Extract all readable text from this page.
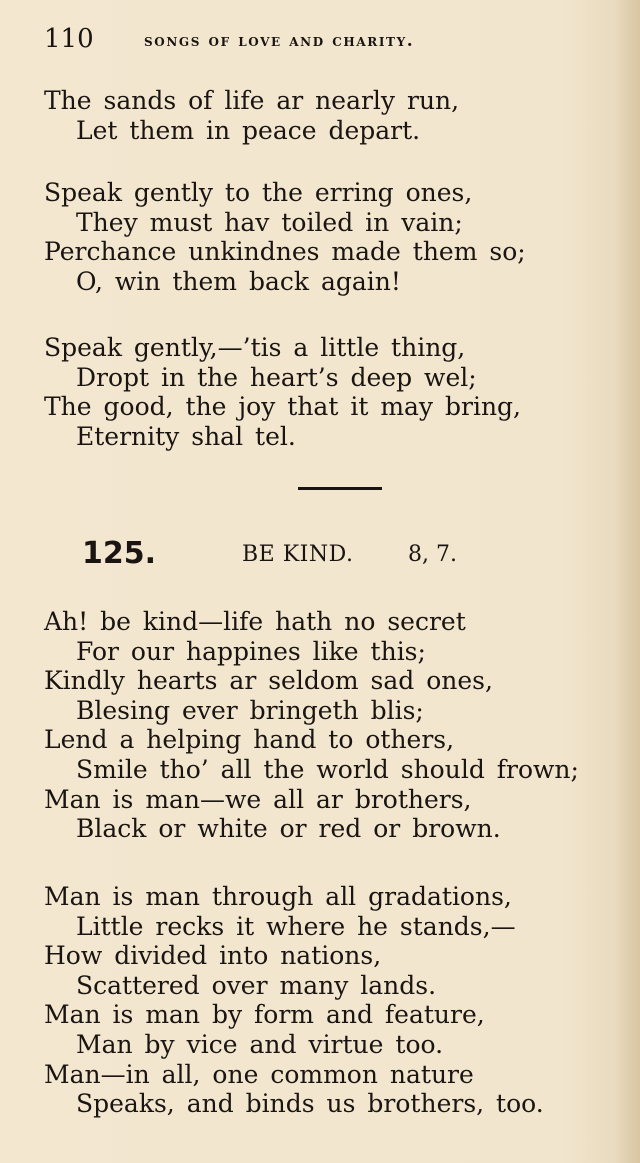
110	songs of love and charity.
The sands of life ar nearly run,
Let them in peace depart.
Speak gently to the erring ones,
They must hav toiled in vain;
Perchance unkindnes made them so;
O, win them back again!
Speak gently,—’tis a little thing,
Dropt in the heart’s deep wel;
The good, the joy that it may bring,
Eternity shal tel.
125.	BE KIND. 8, 7.
Ah! be kind—life hath no secret
For our happines like this;
Kindly hearts ar seldom sad ones,
Blesing ever bringeth blis;
Lend a helping hand to others,
Smile tho’ all the world should frown;
Man is man—we all ar brothers,
Black or white or red or brown.
Man is man through all gradations,
Little recks it where he stands,—
How divided into nations,
Scattered over many lands.
Man is man by form and feature,
Man by vice and virtue too.
Man—in all, one common nature
Speaks, and binds us brothers, too.
